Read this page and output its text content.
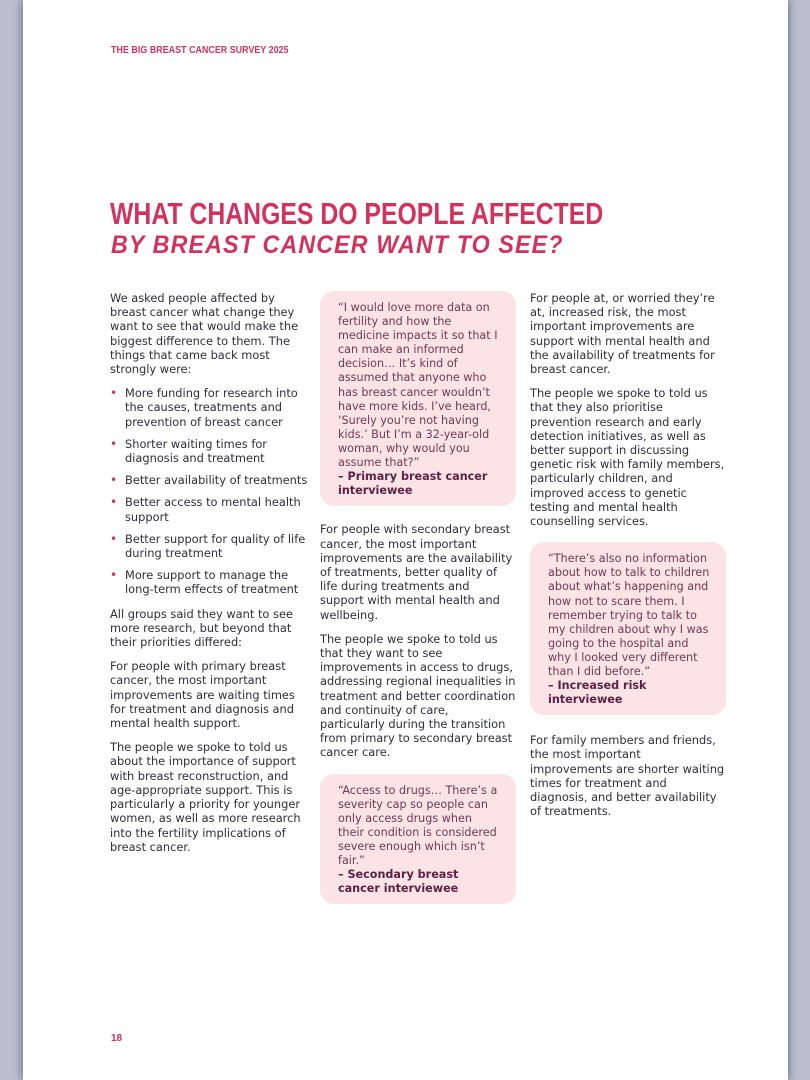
THE BIG BREAST CANCER SURVEY 2025
WHAT CHANGES DO PEOPLE AFFECTED
BY BREAST CANCER WANT TO SEE?

We asked people affected by breast cancer what change they want to see that would make the biggest difference to them. The things that came back most strongly were:

• More funding for research into the causes, treatments and prevention of breast cancer
• Shorter waiting times for diagnosis and treatment
• Better availability of treatments
• Better access to mental health support
• Better support for quality of life during treatment
• More support to manage the long-term effects of treatment

All groups said they want to see more research, but beyond that their priorities differed:

For people with primary breast cancer, the most important improvements are waiting times for treatment and diagnosis and mental health support.

The people we spoke to told us about the importance of support with breast reconstruction, and age-appropriate support. This is particularly a priority for younger women, as well as more research into the fertility implications of breast cancer.

“I would love more data on fertility and how the medicine impacts it so that I can make an informed decision… It’s kind of assumed that anyone who has breast cancer wouldn’t have more kids. I’ve heard, ‘Surely you’re not having kids.’ But I’m a 32-year-old woman, why would you assume that?”
– Primary breast cancer interviewee

For people with secondary breast cancer, the most important improvements are the availability of treatments, better quality of life during treatments and support with mental health and wellbeing.

The people we spoke to told us that they want to see improvements in access to drugs, addressing regional inequalities in treatment and better coordination and continuity of care, particularly during the transition from primary to secondary breast cancer care.

“Access to drugs… There’s a severity cap so people can only access drugs when their condition is considered severe enough which isn’t fair.”
– Secondary breast cancer interviewee

For people at, or worried they’re at, increased risk, the most important improvements are support with mental health and the availability of treatments for breast cancer.

The people we spoke to told us that they also prioritise prevention research and early detection initiatives, as well as better support in discussing genetic risk with family members, particularly children, and improved access to genetic testing and mental health counselling services.

“There’s also no information about how to talk to children about what’s happening and how not to scare them. I remember trying to talk to my children about why I was going to the hospital and why I looked very different than I did before.”
– Increased risk interviewee

For family members and friends, the most important improvements are shorter waiting times for treatment and diagnosis, and better availability of treatments.

18
